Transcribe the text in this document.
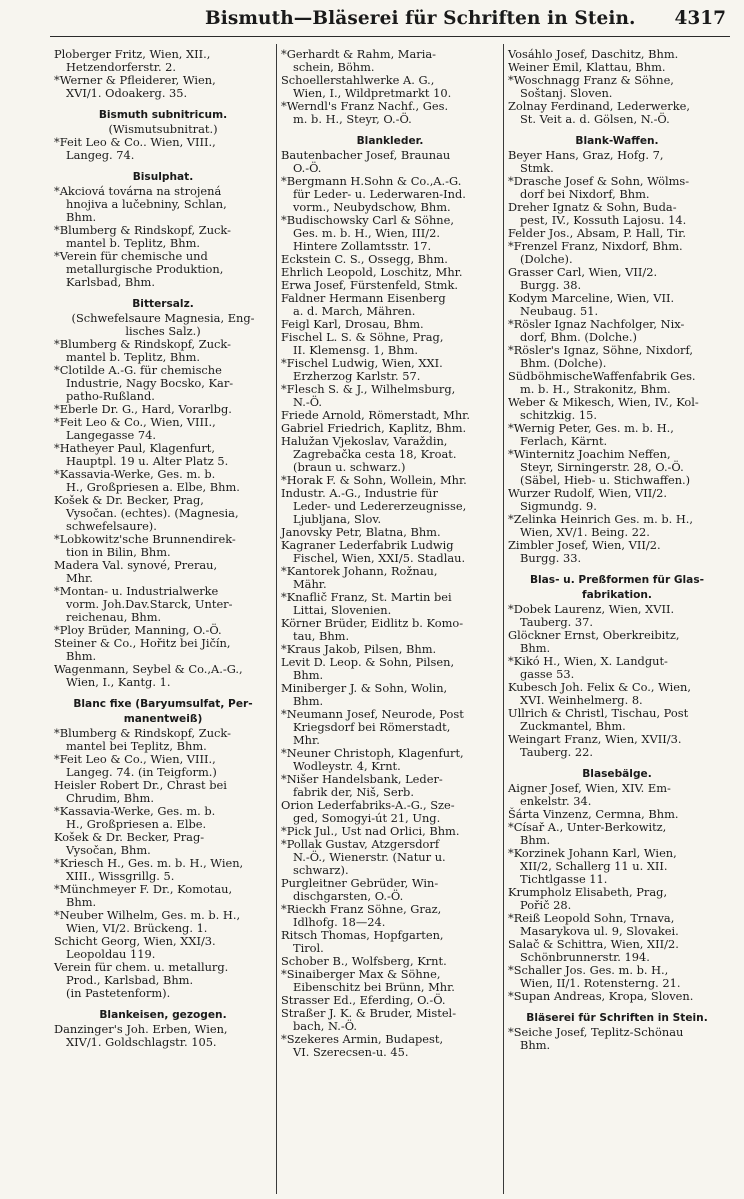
Bismuth—Bläserei für Schriften in Stein. 4317
Ploberger Fritz, Wien, XII.,
Hetzendorferstr. 2.
*Werner & Pfleiderer, Wien,
XVI/1. Odoakerg. 35.
Bismuth subnitricum.
(Wismutsubnitrat.)
*Feit Leo & Co.. Wien, VIII.,
Langeg. 74.
Bisulphat.
*Akciová továrna na strojená
hnojiva a lučebniny, Schlan,
Bhm.
*Blumberg & Rindskopf, Zuck-
mantel b. Teplitz, Bhm.
*Verein für chemische und
metallurgische Produktion,
Karlsbad, Bhm.
Bittersalz.
(Schwefelsaure Magnesia, Eng-
lisches Salz.)
*Blumberg & Rindskopf, Zuck-
mantel b. Teplitz, Bhm.
*Clotilde A.-G. für chemische
Industrie, Nagy Bocsko, Kar-
patho-Rußland.
*Eberle Dr. G., Hard, Vorarlbg.
*Feit Leo & Co., Wien, VIII.,
Langegasse 74.
*Hatheyer Paul, Klagenfurt,
Hauptpl. 19 u. Alter Platz 5.
*Kassavia-Werke, Ges. m. b.
H., Großpriesen a. Elbe, Bhm.
Košek & Dr. Becker, Prag,
Vysočan. (echtes). (Magnesia,
schwefelsaure).
*Lobkowitz'sche Brunnendirek-
tion in Bilin, Bhm.
Madera Val. synové, Prerau,
Mhr.
*Montan- u. Industrialwerke
vorm. Joh.Dav.Starck, Unter-
reichenau, Bhm.
*Ploy Brüder, Manning, O.-Ö.
Steiner & Co., Hořitz bei Jičín,
Bhm.
Wagenmann, Seybel & Co.,A.-G.,
Wien, I., Kantg. 1.
Blanc fixe (Baryumsulfat, Per-
manentweiß)
*Blumberg & Rindskopf, Zuck-
mantel bei Teplitz, Bhm.
*Feit Leo & Co., Wien, VIII.,
Langeg. 74. (in Teigform.)
Heisler Robert Dr., Chrast bei
Chrudim, Bhm.
*Kassavia-Werke, Ges. m. b.
H., Großpriesen a. Elbe.
Košek & Dr. Becker, Prag-
Vysočan, Bhm.
*Kriesch H., Ges. m. b. H., Wien,
XIII., Wissgrillg. 5.
*Münchmeyer F. Dr., Komotau,
Bhm.
*Neuber Wilhelm, Ges. m. b. H.,
Wien, VI/2. Brückeng. 1.
Schicht Georg, Wien, XXI/3.
Leopoldau 119.
Verein für chem. u. metallurg.
Prod., Karlsbad, Bhm.
(in Pastetenform).
Blankeisen, gezogen.
Danzinger's Joh. Erben, Wien,
XIV/1. Goldschlagstr. 105.
*Gerhardt & Rahm, Maria-
schein, Böhm.
Schoellerstahlwerke A. G.,
Wien, I., Wildpretmarkt 10.
*Werndl's Franz Nachf., Ges.
m. b. H., Steyr, O.-Ö.
Blankleder.
Bautenbacher Josef, Braunau
O.-Ö.
*Bergmann H.Sohn & Co.,A.-G.
für Leder- u. Lederwaren-Ind.
vorm., Neubydschow, Bhm.
*Budischowsky Carl & Söhne,
Ges. m. b. H., Wien, III/2.
Hintere Zollamtsstr. 17.
Eckstein C. S., Ossegg, Bhm.
Ehrlich Leopold, Loschitz, Mhr.
Erwa Josef, Fürstenfeld, Stmk.
Faldner Hermann Eisenberg
a. d. March, Mähren.
Feigl Karl, Drosau, Bhm.
Fischel L. S. & Söhne, Prag,
II. Klemensg. 1, Bhm.
*Fischel Ludwig, Wien, XXI.
Erzherzog Karlstr. 57.
*Flesch S. & J., Wilhelmsburg,
N.-Ö.
Friede Arnold, Römerstadt, Mhr.
Gabriel Friedrich, Kaplitz, Bhm.
Halužan Vjekoslav, Varaždin,
Zagrebačka cesta 18, Kroat.
(braun u. schwarz.)
*Horak F. & Sohn, Wollein, Mhr.
Industr. A.-G., Industrie für
Leder- und Ledererzeugnisse,
Ljubljana, Slov.
Janovsky Petr, Blatna, Bhm.
Kagraner Lederfabrik Ludwig
Fischel, Wien, XXI/5. Stadlau.
*Kantorek Johann, Rožnau,
Mähr.
*Knaflič Franz, St. Martin bei
Littai, Slovenien.
Körner Brüder, Eidlitz b. Komo-
tau, Bhm.
*Kraus Jakob, Pilsen, Bhm.
Levit D. Leop. & Sohn, Pilsen,
Bhm.
Miniberger J. & Sohn, Wolin,
Bhm.
*Neumann Josef, Neurode, Post
Kriegsdorf bei Römerstadt,
Mhr.
*Neuner Christoph, Klagenfurt,
Wodleystr. 4, Krnt.
*Nišer Handelsbank, Leder-
fabrik der, Niš, Serb.
Orion Lederfabriks-A.-G., Sze-
ged, Somogyi-út 21, Ung.
*Pick Jul., Ust nad Orlici, Bhm.
*Pollak Gustav, Atzgersdorf
N.-Ö., Wienerstr. (Natur u.
schwarz).
Purgleitner Gebrüder, Win-
dischgarsten, O.-Ö.
*Rieckh Franz Söhne, Graz,
Idlhofg. 18—24.
Ritsch Thomas, Hopfgarten,
Tirol.
Schober B., Wolfsberg, Krnt.
*Sinaiberger Max & Söhne,
Eibenschitz bei Brünn, Mhr.
Strasser Ed., Eferding, O.-Ö.
Straßer J. K. & Bruder, Mistel-
bach, N.-Ö.
*Szekeres Armin, Budapest,
VI. Szerecsen-u. 45.
Vosáhlo Josef, Daschitz, Bhm.
Weiner Emil, Klattau, Bhm.
*Woschnagg Franz & Söhne,
Soštanj. Sloven.
Zolnay Ferdinand, Lederwerke,
St. Veit a. d. Gölsen, N.-Ö.
Blank-Waffen.
Beyer Hans, Graz, Hofg. 7,
Stmk.
*Drasche Josef & Sohn, Wölms-
dorf bei Nixdorf, Bhm.
Dreher Ignatz & Sohn, Buda-
pest, IV., Kossuth Lajosu. 14.
Felder Jos., Absam, P. Hall, Tir.
*Frenzel Franz, Nixdorf, Bhm.
(Dolche).
Grasser Carl, Wien, VII/2.
Burgg. 38.
Kodym Marceline, Wien, VII.
Neubaug. 51.
*Rösler Ignaz Nachfolger, Nix-
dorf, Bhm. (Dolche.)
*Rösler's Ignaz, Söhne, Nixdorf,
Bhm. (Dolche).
SüdböhmischeWaffenfabrik Ges.
m. b. H., Strakonitz, Bhm.
Weber & Mikesch, Wien, IV., Kol-
schitzkig. 15.
*Wernig Peter, Ges. m. b. H.,
Ferlach, Kärnt.
*Winternitz Joachim Neffen,
Steyr, Sirningerstr. 28, O.-Ö.
(Säbel, Hieb- u. Stichwaffen.)
Wurzer Rudolf, Wien, VII/2.
Sigmundg. 9.
*Zelinka Heinrich Ges. m. b. H.,
Wien, XV/1. Being. 22.
Zimbler Josef, Wien, VII/2.
Burgg. 33.
Blas- u. Preßformen für Glas-
fabrikation.
*Dobek Laurenz, Wien, XVII.
Tauberg. 37.
Glöckner Ernst, Oberkreibitz,
Bhm.
*Kikó H., Wien, X. Landgut-
gasse 53.
Kubesch Joh. Felix & Co., Wien,
XVI. Weinhelmerg. 8.
Ullrich & Christl, Tischau, Post
Zuckmantel, Bhm.
Weingart Franz, Wien, XVII/3.
Tauberg. 22.
Blasebälge.
Aigner Josef, Wien, XIV. Em-
enkelstr. 34.
Šárta Vinzenz, Cermna, Bhm.
*Císař A., Unter-Berkowitz,
Bhm.
*Korzinek Johann Karl, Wien,
XII/2, Schallerg 11 u. XII.
Tichtlgasse 11.
Krumpholz Elisabeth, Prag,
Pořič 28.
*Reiß Leopold Sohn, Trnava,
Masarykova ul. 9, Slovakei.
Salač & Schittra, Wien, XII/2.
Schönbrunnerstr. 194.
*Schaller Jos. Ges. m. b. H.,
Wien, II/1. Rotensterng. 21.
*Supan Andreas, Kropa, Sloven.
Bläserei für Schriften in Stein.
*Seiche Josef, Teplitz-Schönau
Bhm.
